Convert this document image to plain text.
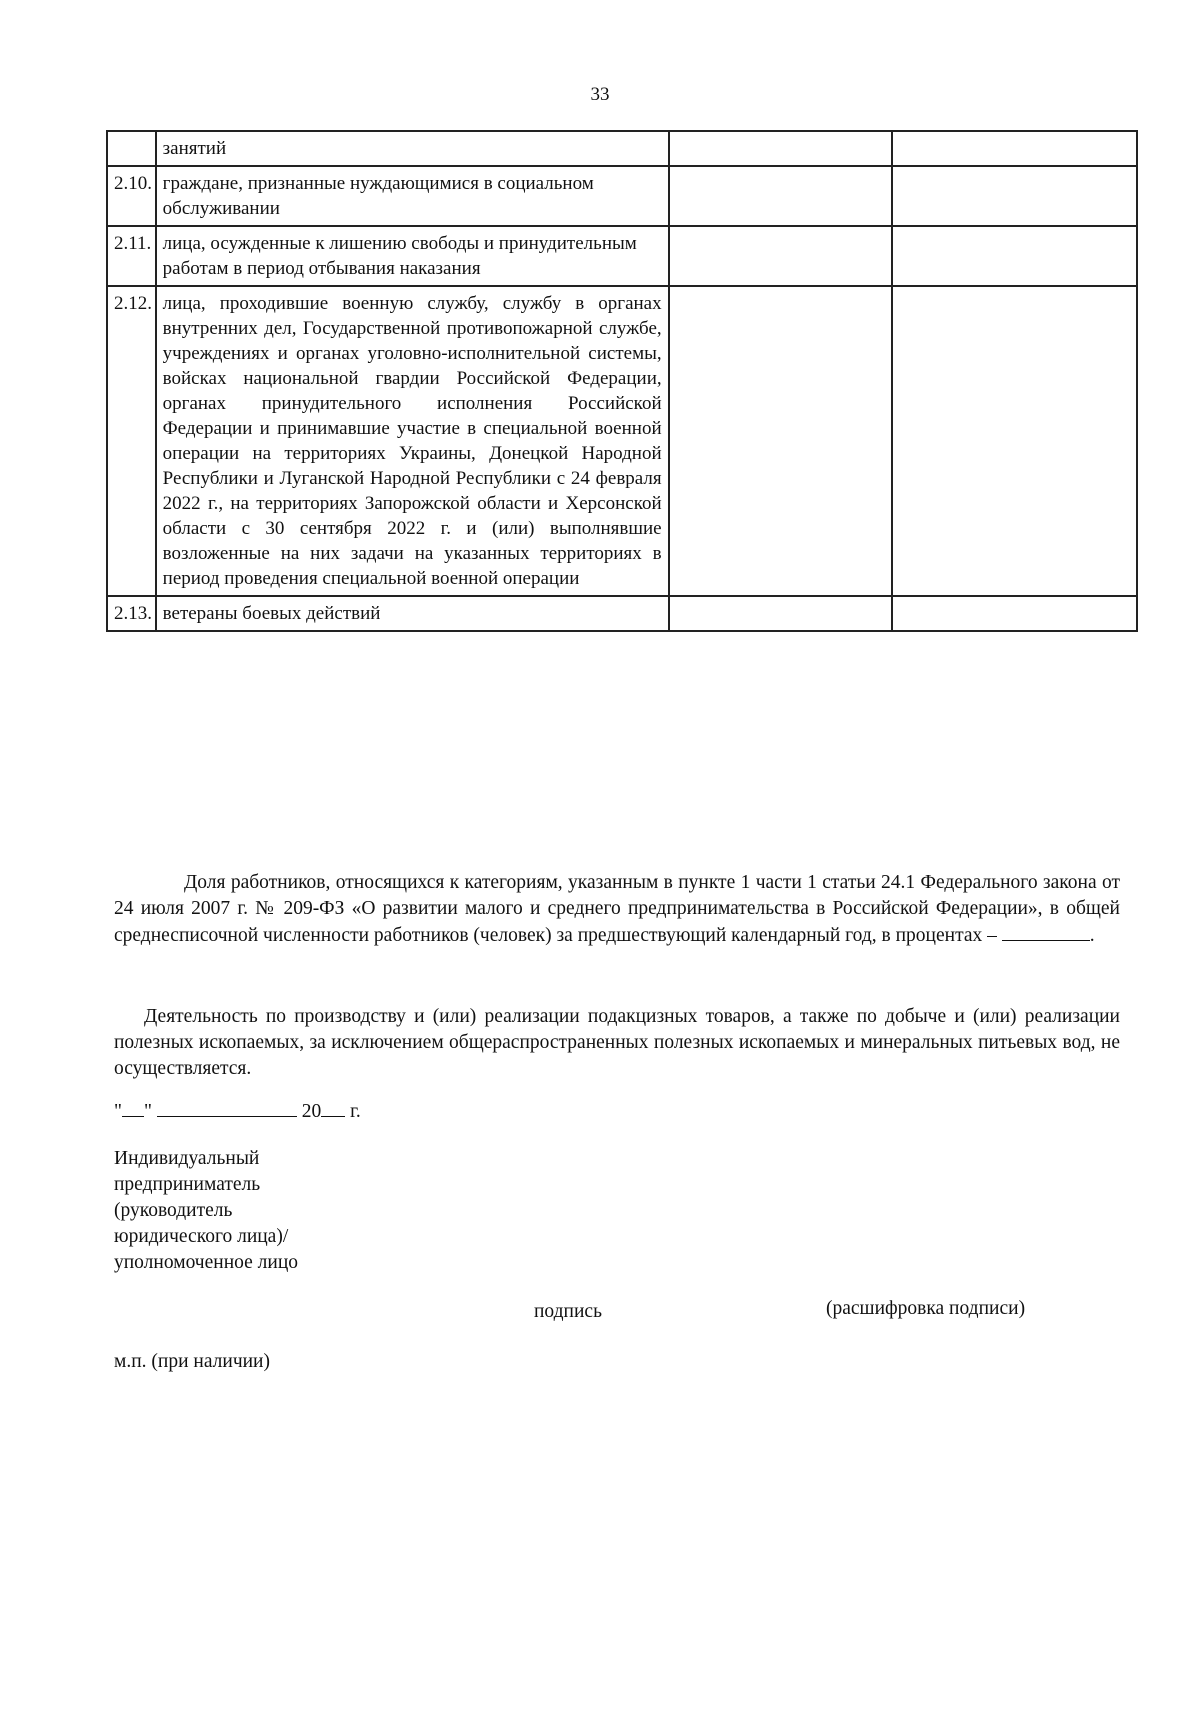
33
	занятий		
2.10.	граждане, признанные нуждающимися в социальном обслуживании		
2.11.	лица, осужденные к лишению свободы и принудительным работам в период отбывания наказания		
2.12.	лица, проходившие военную службу, службу в органах внутренних дел, Государственной противопожарной службе, учреждениях и органах уголовно-исполнительной системы, войсках национальной гвардии Российской Федерации, органах принудительного исполнения Российской Федерации и принимавшие участие в специальной военной операции на территориях Украины, Донецкой Народной Республики и Луганской Народной Республики с 24 февраля 2022 г., на территориях Запорожской области и Херсонской области с 30 сентября 2022 г. и (или) выполнявшие возложенные на них задачи на указанных территориях в период проведения специальной военной операции		
2.13.	ветераны боевых действий		
Доля работников, относящихся к категориям, указанным в пункте 1 части 1 статьи 24.1 Федерального закона от 24 июля 2007 г. № 209-ФЗ «О развитии малого и среднего предпринимательства в Российской Федерации», в общей среднесписочной численности работников (человек) за предшествующий календарный год, в процентах –	.
Деятельность по производству и (или) реализации подакцизных товаров, а также по добыче и (или) реализации полезных ископаемых, за исключением общераспространенных полезных ископаемых и минеральных питьевых вод, не осуществляется.
" "	20 г.
Индивидуальный
предприниматель
(руководитель
юридического лица)/
уполномоченное лицо
подпись	(расшифровка подписи)
м.п. (при наличии)
